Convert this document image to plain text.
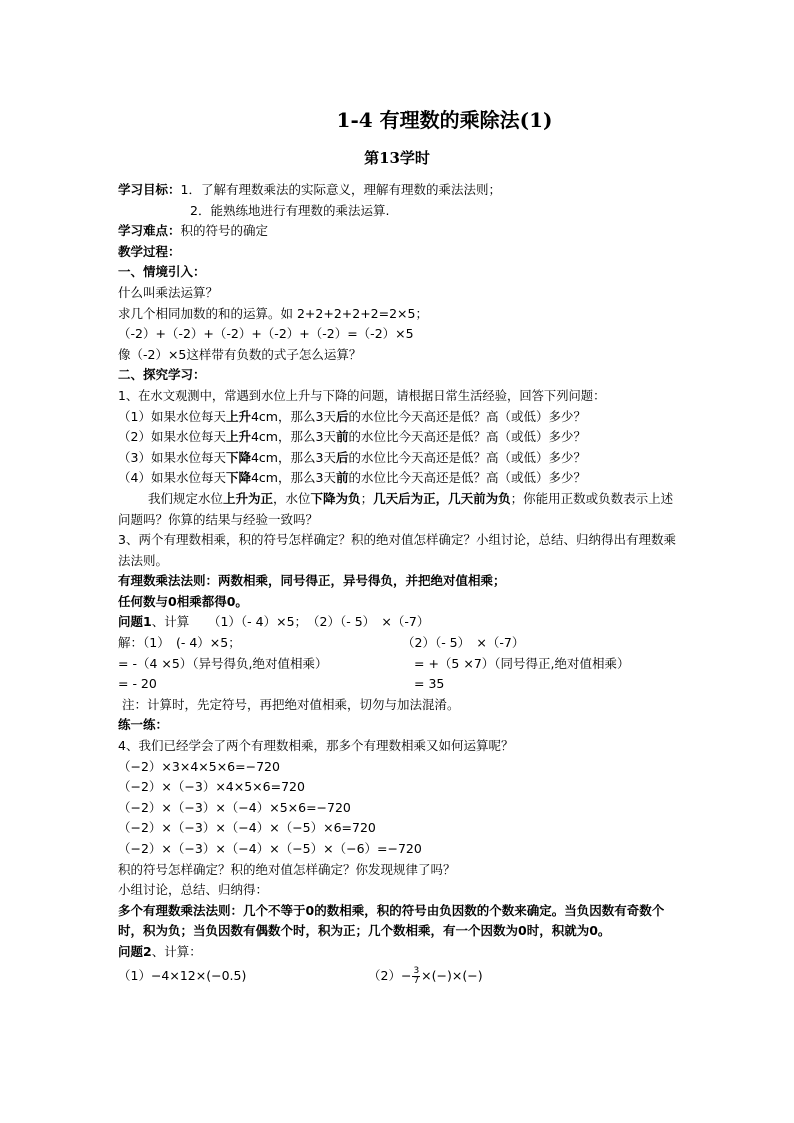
1-4 有理数的乘除法(1)
第13学时
学习目标：1．了解有理数乘法的实际意义，理解有理数的乘法法则；
2．能熟练地进行有理数的乘法运算.
学习难点：积的符号的确定
教学过程：
一、情境引入：
什么叫乘法运算？
求几个相同加数的和的运算。如 2+2+2+2+2=2×5；
（-2）+（-2）+（-2）+（-2）+（-2）=（-2）×5
像（-2）×5这样带有负数的式子怎么运算？
二、探究学习：
1、在水文观测中，常遇到水位上升与下降的问题，请根据日常生活经验，回答下列问题：
（1）如果水位每天上升4cm，那么3天后的水位比今天高还是低？高（或低）多少？
（2）如果水位每天上升4cm，那么3天前的水位比今天高还是低？高（或低）多少？
（3）如果水位每天下降4cm，那么3天后的水位比今天高还是低？高（或低）多少？
（4）如果水位每天下降4cm，那么3天前的水位比今天高还是低？高（或低）多少？
我们规定水位上升为正，水位下降为负；几天后为正，几天前为负；你能用正数或负数表示上述问题吗？你算的结果与经验一致吗？
3、两个有理数相乘，积的符号怎样确定？积的绝对值怎样确定？小组讨论，总结、归纳得出有理数乘法法则。
有理数乘法法则：两数相乘，同号得正，异号得负，并把绝对值相乘；
任何数与0相乘都得0。
问题1、计算　　（1）（- 4）×5；　（2）（- 5）　×（-7）
解：（1）　(- 4）×5；	（2）（- 5）　×（-7）
= -（4 ×5）（异号得负,绝对值相乘）	= +（5 ×7）（同号得正,绝对值相乘）
= - 20	= 35
注：计算时，先定符号，再把绝对值相乘，切勿与加法混淆。
练一练：
4、我们已经学会了两个有理数相乘，那多个有理数相乘又如何运算呢？
（−2）×3×4×5×6=−720
（−2）×（−3）×4×5×6=720
（−2）×（−3）×（−4）×5×6=−720
（−2）×（−3）×（−4）×（−5）×6=720
（−2）×（−3）×（−4）×（−5）×（−6）=−720
积的符号怎样确定？积的绝对值怎样确定？你发现规律了吗？
小组讨论，总结、归纳得：
多个有理数乘法法则：几个不等于0的数相乘，积的符号由负因数的个数来确定。当负因数有奇数个时，积为负；当负因数有偶数个时，积为正；几个数相乘，有一个因数为0时，积就为0。
问题2、计算：
（1）−4×12×(−0.5)	$(2)- \frac{3}{7}$ ×(−)×(−)
